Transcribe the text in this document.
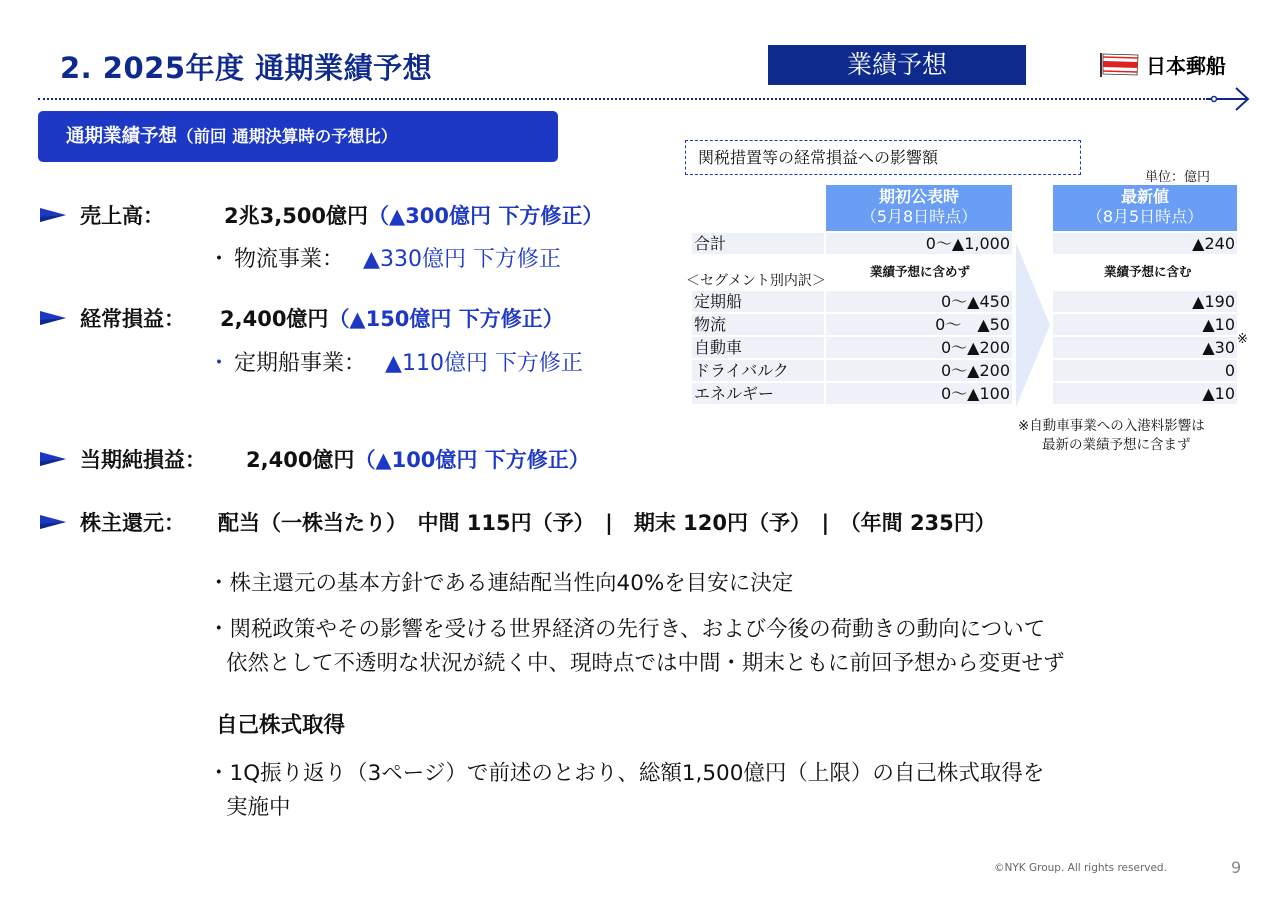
2. 2025年度 通期業績予想	業績予想	日本郵船
通期業績予想（前回 通期決算時の予想比）
売上高：	2兆3,500億円 （▲300億円 下方修正）
・ 物流事業： ▲330億円 下方修正
経常損益：	2,400億円 （▲150億円 下方修正）
・ 定期船事業： ▲110億円 下方修正
当期純損益：	2,400億円 （▲100億円 下方修正）
株主還元：	配当（一株当たり）　中間 115円（予）　|　期末 120円（予）　|　（年間 235円）
・株主還元の基本方針である連結配当性向40%を目安に決定
・関税政策やその影響を受ける世界経済の先行き、および今後の荷動きの動向について
依然として不透明な状況が続く中、現時点では中間・期末ともに前回予想から変更せず
自己株式取得
・1Q振り返り（3ページ）で前述のとおり、総額1,500億円（上限）の自己株式取得を
実施中
関税措置等の経常損益への影響額
単位：億円
期初公表時
（5月8日時点）
最新値
（8月5日時点）
合計	0～▲1,000	▲240
＜セグメント別内訳＞
業績予想に含めず	業績予想に含む
定期船	0～▲450	▲190
物流	0～　▲50	▲10
自動車	0～▲200	▲30 ※
ドライバルク	0～▲200	0
エネルギー	0～▲100	▲10
※自動車事業への入港料影響は
最新の業績予想に含まず
©NYK Group. All rights reserved.	9
